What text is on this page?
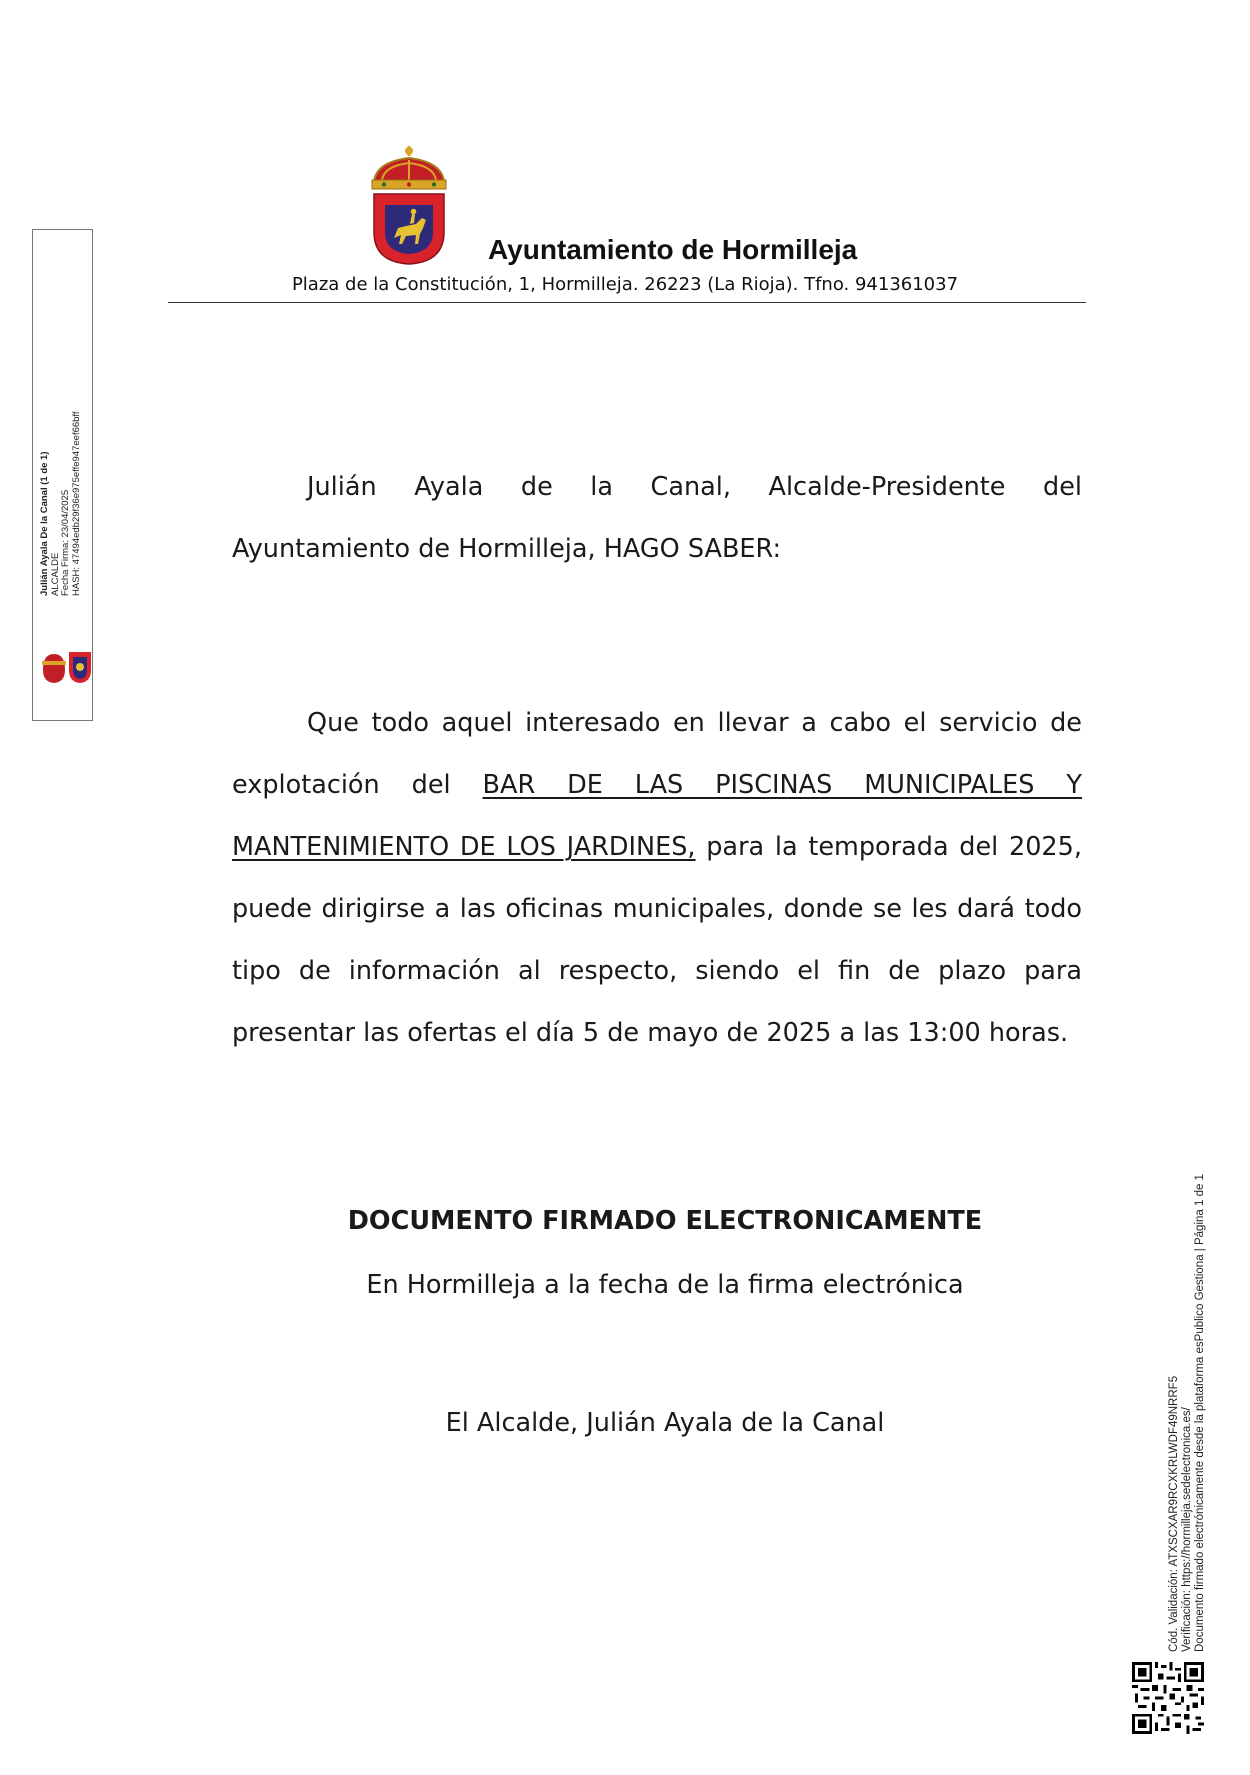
Ayuntamiento de Hormilleja
Plaza de la Constitución, 1, Hormilleja. 26223 (La Rioja). Tfno. 941361037
Julián Ayala de la Canal, Alcalde-Presidente del Ayuntamiento de Hormilleja, HAGO SABER:
Que todo aquel interesado en llevar a cabo el servicio de explotación del BAR DE LAS PISCINAS MUNICIPALES Y MANTENIMIENTO DE LOS JARDINES, para la temporada del 2025, puede dirigirse a las oficinas municipales, donde se les dará todo tipo de información al respecto, siendo el fin de plazo para presentar las ofertas el día 5 de mayo de 2025 a las 13:00 horas.
DOCUMENTO FIRMADO ELECTRONICAMENTE
En Hormilleja a la fecha de la firma electrónica
El Alcalde, Julián Ayala de la Canal
Julián Ayala De la Canal (1 de 1) ALCALDE Fecha Firma: 23/04/2025 HASH: 47494edb29f36e975effe947eef66bff
Cód. Validación: ATXSCXAR9RCXKRLWDF49NRRF5 Verificación: https://hormilleja.sedelectronica.es/ Documento firmado electrónicamente desde la plataforma esPublico Gestiona | Página 1 de 1
